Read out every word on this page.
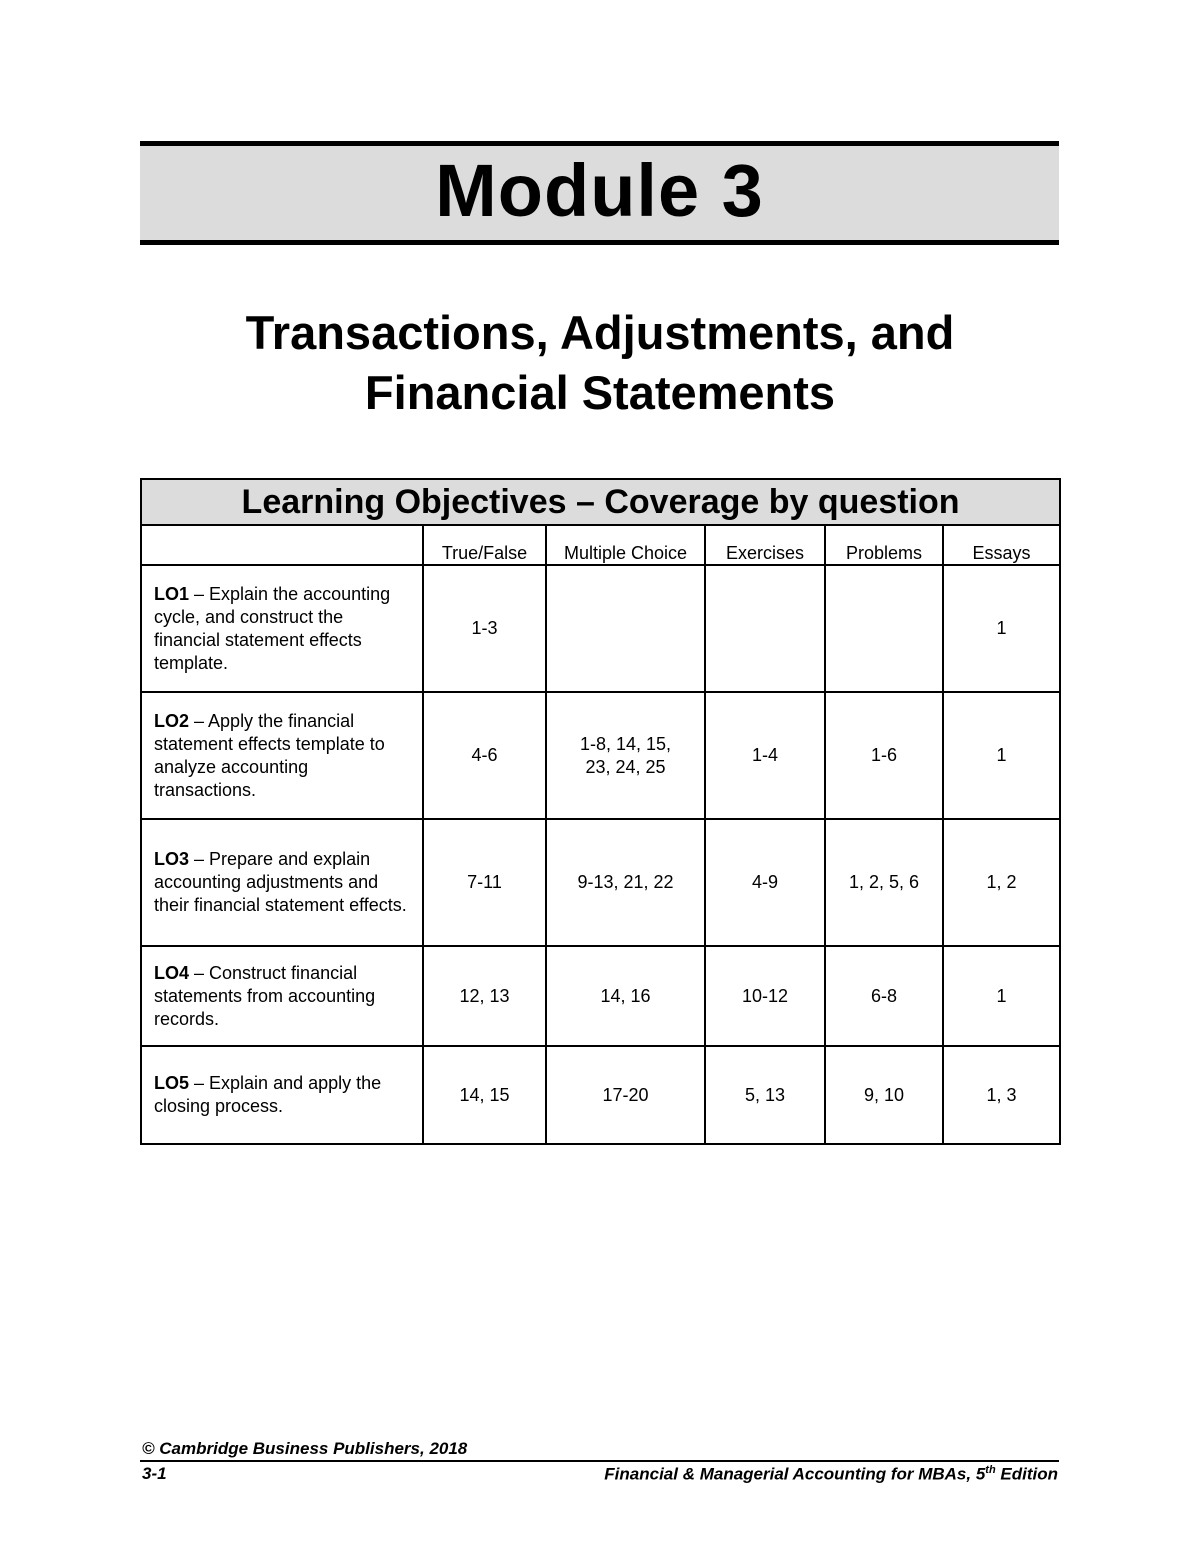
Module 3
Transactions, Adjustments, and
Financial Statements
Learning Objectives – Coverage by question					
	True/False	Multiple Choice	Exercises	Problems	Essays
LO1 – Explain the accounting cycle, and construct the financial statement effects template.	1-3				1
LO2 – Apply the financial statement effects template to analyze accounting transactions.	4-6	1-8, 14, 15, 23, 24, 25	1-4	1-6	1
LO3 – Prepare and explain accounting adjustments and their financial statement effects.	7-11	9-13, 21, 22	4-9	1, 2, 5, 6	1, 2
LO4 – Construct financial statements from accounting records.	12, 13	14, 16	10-12	6-8	1
LO5 – Explain and apply the closing process.	14, 15	17-20	5, 13	9, 10	1, 3
© Cambridge Business Publishers, 2018
3-1	Financial & Managerial Accounting for MBAs, 5th Edition
